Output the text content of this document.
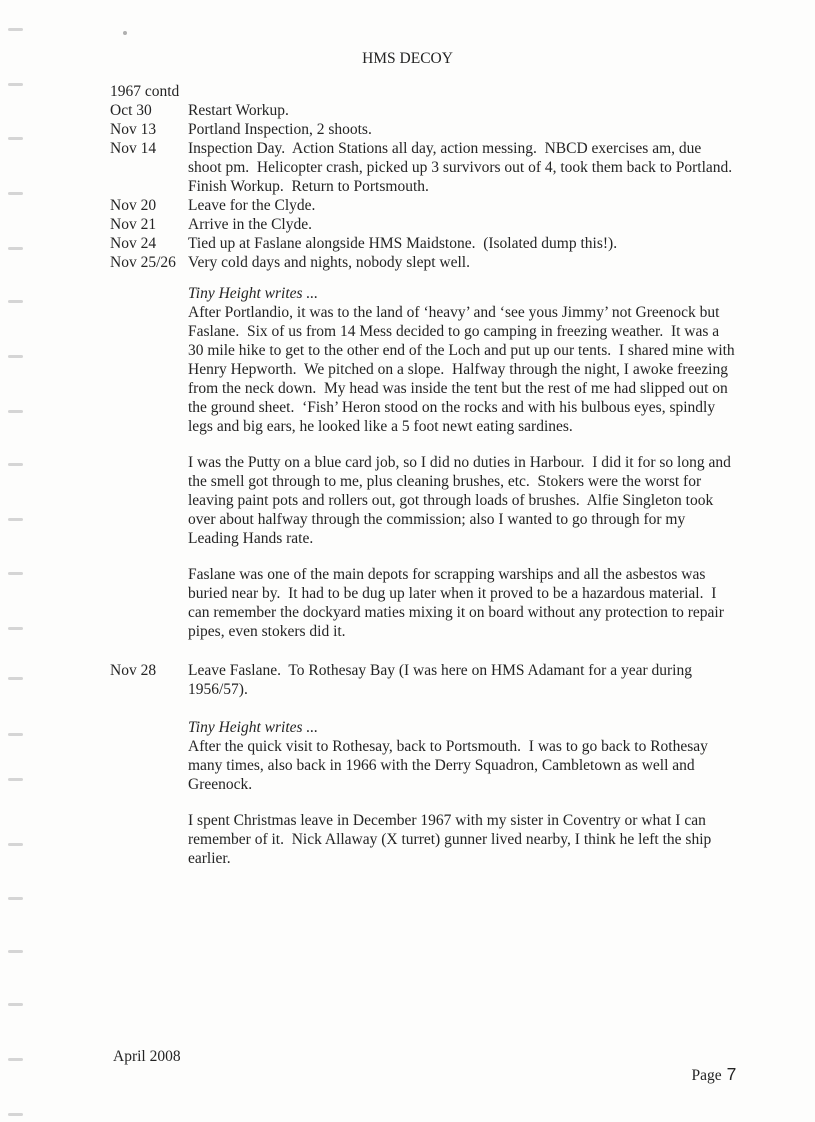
HMS DECOY
1967 contd
Oct 30	Restart Workup.
Nov 13	Portland Inspection, 2 shoots.
Nov 14	Inspection Day.  Action Stations all day, action messing.  NBCD exercises am, due shoot pm.  Helicopter crash, picked up 3 survivors out of 4, took them back to Portland.  Finish Workup.  Return to Portsmouth.
Nov 20	Leave for the Clyde.
Nov 21	Arrive in the Clyde.
Nov 24	Tied up at Faslane alongside HMS Maidstone.  (Isolated dump this!).
Nov 25/26 Very cold days and nights, nobody slept well.
Tiny Height writes ...

After Portlandio, it was to the land of ‘heavy’ and ‘see yous Jimmy’ not Greenock but Faslane.  Six of us from 14 Mess decided to go camping in freezing weather.  It was a 30 mile hike to get to the other end of the Loch and put up our tents.  I shared mine with Henry Hepworth.  We pitched on a slope.  Halfway through the night, I awoke freezing from the neck down.  My head was inside the tent but the rest of me had slipped out on the ground sheet.  ‘Fish’ Heron stood on the rocks and with his bulbous eyes, spindly legs and big ears, he looked like a 5 foot newt eating sardines.

I was the Putty on a blue card job, so I did no duties in Harbour.  I did it for so long and the smell got through to me, plus cleaning brushes, etc.  Stokers were the worst for leaving paint pots and rollers out, got through loads of brushes.  Alfie Singleton took over about halfway through the commission; also I wanted to go through for my Leading Hands rate.

Faslane was one of the main depots for scrapping warships and all the asbestos was buried near by.  It had to be dug up later when it proved to be a hazardous material.  I can remember the dockyard maties mixing it on board without any protection to repair pipes, even stokers did it.

Nov 28	Leave Faslane.  To Rothesay Bay (I was here on HMS Adamant for a year during 1956/57).
Tiny Height writes ...

After the quick visit to Rothesay, back to Portsmouth.  I was to go back to Rothesay many times, also back in 1966 with the Derry Squadron, Cambletown as well and Greenock.

I spent Christmas leave in December 1967 with my sister in Coventry or what I can remember of it.  Nick Allaway (X turret) gunner lived nearby, I think he left the ship earlier.

April 2008

Page 7
